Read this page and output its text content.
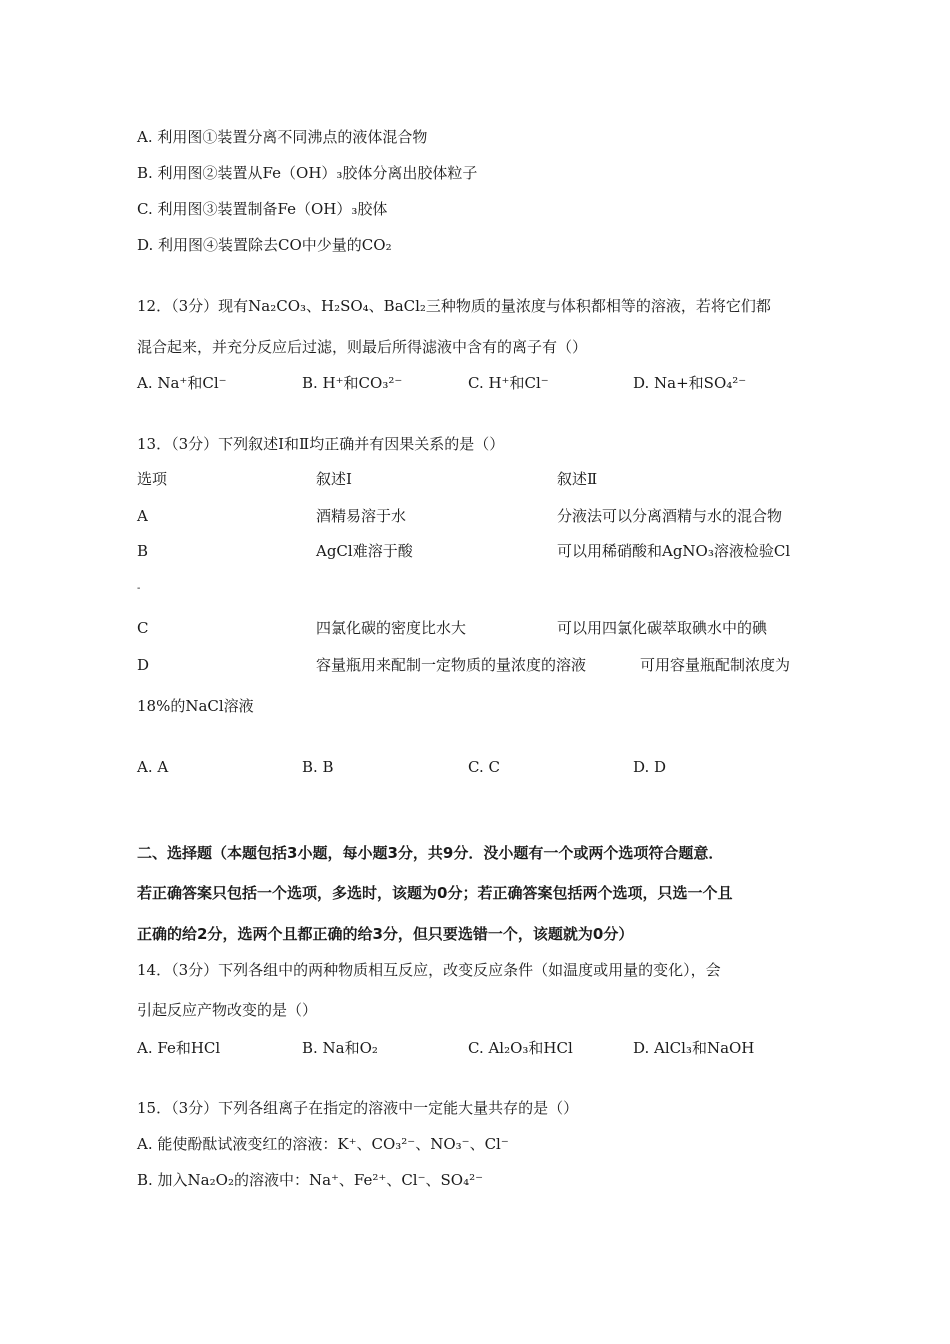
A. 利用图①装置分离不同沸点的液体混合物
B. 利用图②装置从Fe（OH）₃胶体分离出胶体粒子
C. 利用图③装置制备Fe（OH）₃胶体
D. 利用图④装置除去CO中少量的CO₂
12．（3分）现有Na₂CO₃、H₂SO₄、BaCl₂三种物质的量浓度与体积都相等的溶液，若将它们都
混合起来，并充分反应后过滤，则最后所得滤液中含有的离子有（）
A. Na⁺和Cl⁻	B. H⁺和CO₃²⁻	C. H⁺和Cl⁻	D. Na+和SO₄²⁻
13．（3分）下列叙述Ⅰ和Ⅱ均正确并有因果关系的是（）
选项	叙述Ⅰ	叙述Ⅱ
A	酒精易溶于水	分液法可以分离酒精与水的混合物
B	AgCl难溶于酸	可以用稀硝酸和AgNO₃溶液检验Cl
-
C	四氯化碳的密度比水大	可以用四氯化碳萃取碘水中的碘
D	容量瓶用来配制一定物质的量浓度的溶液	可用容量瓶配制浓度为
18%的NaCl溶液
A. A	B. B	C. C	D. D
二、选择题（本题包括3小题，每小题3分，共9分．没小题有一个或两个选项符合题意．
若正确答案只包括一个选项，多选时，该题为0分；若正确答案包括两个选项，只选一个且
正确的给2分，选两个且都正确的给3分，但只要选错一个，该题就为0分）
14．（3分）下列各组中的两种物质相互反应，改变反应条件（如温度或用量的变化），会
引起反应产物改变的是（）
A. Fe和HCl	B. Na和O₂	C. Al₂O₃和HCl	D. AlCl₃和NaOH
15．（3分）下列各组离子在指定的溶液中一定能大量共存的是（）
A. 能使酚酞试液变红的溶液：K⁺、CO₃²⁻、NO₃⁻、Cl⁻
B. 加入Na₂O₂的溶液中：Na⁺、Fe²⁺、Cl⁻、SO₄²⁻
